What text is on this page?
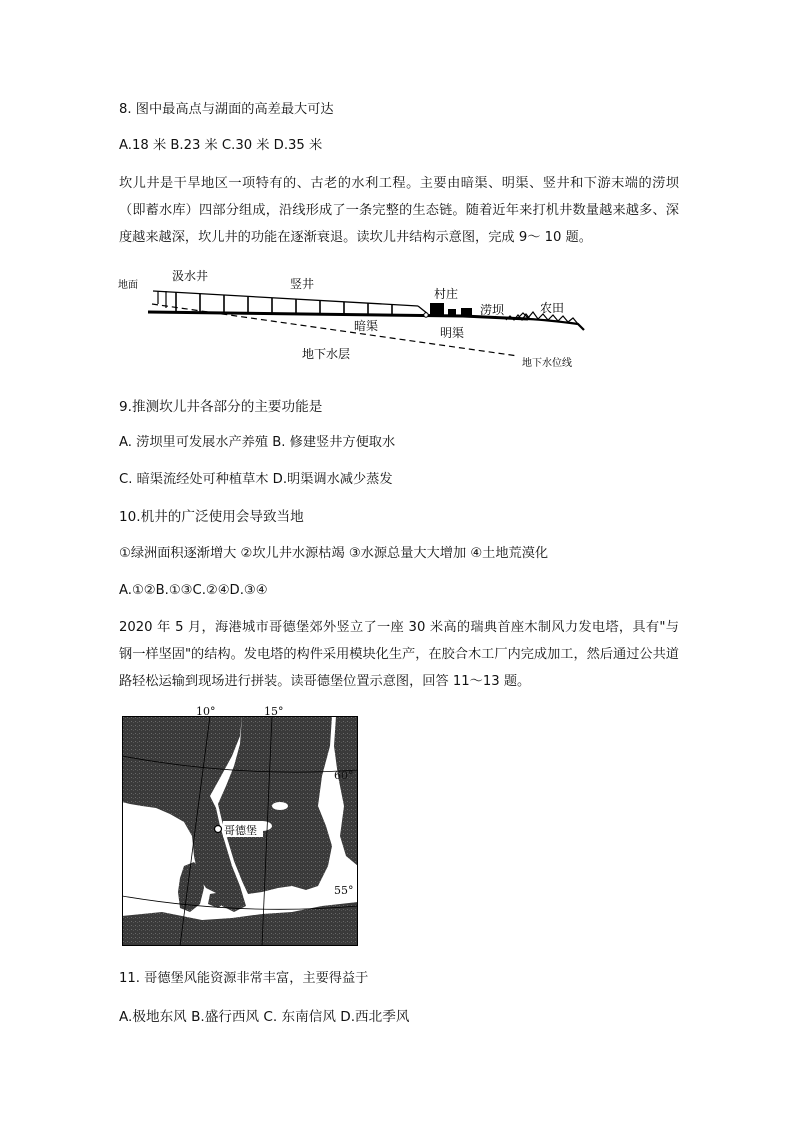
8. 图中最高点与湖面的高差最大可达
A.18 米 B.23 米 C.30 米 D.35 米
坎儿井是干旱地区一项特有的、古老的水利工程。主要由暗渠、明渠、竖井和下游末端的涝坝（即蓄水库）四部分组成，沿线形成了一条完整的生态链。随着近年来打机井数量越来越多、深度越来越深，坎儿井的功能在逐渐衰退。读坎儿井结构示意图，完成 9～ 10 题。
地面
汲水井
竖井
村庄
涝坝	农田
暗渠	明渠
地下水层
地下水位线
9.推测坎儿井各部分的主要功能是
A. 涝坝里可发展水产养殖 B. 修建竖井方便取水
C. 暗渠流经处可种植草木 D.明渠调水减少蒸发
10.机井的广泛使用会导致当地
①绿洲面积逐渐增大 ②坎儿井水源枯竭 ③水源总量大大增加 ④土地荒漠化
A.①②B.①③C.②④D.③④
2020 年 5 月，海港城市哥德堡郊外竖立了一座 30 米高的瑞典首座木制风力发电塔，具有"与钢一样坚固"的结构。发电塔的构件采用模块化生产，在胶合木工厂内完成加工，然后通过公共道路轻松运输到现场进行拼装。读哥德堡位置示意图，回答 11～13 题。
哥德堡
10°	15°
60°
55°
11. 哥德堡风能资源非常丰富，主要得益于
A.极地东风 B.盛行西风 C. 东南信风 D.西北季风
